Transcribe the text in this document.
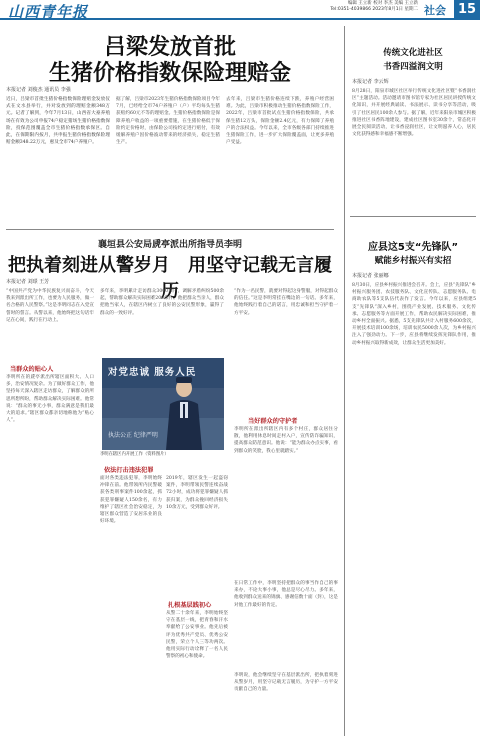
山西青年报	编辑 王立新 校对 李杰 美编 王立新
Tel:0351-4039866 2023年8月1日 星期二 社会 15
吕梁发放首批
生猪价格指数保险理赔金
本报记者 刘俊杰 通讯员 李强
近日，吕梁市首批生猪价格指数保险理赔金发放仪式在文水县举行，并对发放到的理赔金额348万元。记者了解到，今年7月13日，山西省大豪养殖场在有效为公司申报74户稳定猪场生猪价格指数保险，投保范围覆盖全市生猪价格指数承保区。自此，在保期限内按月，共申报生猪价格指数保险理赔金额348.22万元，惠及全市74户养殖户。
据了解，吕梁市2023年生猪价格指数保险项目今年7月，已经给全市74户养殖户（户）平均每头生猪获赔约60元不等的理赔金。生猪价格指数保险是保障养殖户收益的一项重要措施，在生猪价格低于保险约定价格时，由保险公司按约定进行赔付，有效缓解养殖户因价格波动带来的经济损失，稳定生猪生产。
去年来，吕梁市生猪价格连续下跌，养殖户经营困难。为此，吕梁市积极推动生猪价格指数保险工作，2022年，吕梁市首批试点生猪价格指数保险，共承保生猪12万头，保险金额2.4亿元，有力保障了养殖户的合法权益。今年以来，全市各级各部门持续推进生猪保险工作，进一步扩大保险覆盖面，让更多养殖户受益。
襄垣县公安局虒亭派出所指导员李明
把执着刻进从警岁月　用坚守记载无言履历
本报记者 刘璟 王芳
“中国共产党为中华民族复兴而奋斗，今天我来到派出所工作，也要为人民服务，做一名合格的人民警察。”这是李明同志在入党宣誓时的誓言。从警以来，他始终把这句话牢记在心间，践行在行动上。
当群众的贴心人
李明所在的虒亭派出所辖区面积大、人口多，治安情况复杂。为了做好群众工作，他坚持每天深入辖区走访群众，了解群众的所思所想所盼，帮助群众解决实际困难。他常说：“群众的事无小事，群众满意是我们最大的追求。”辖区群众都亲切地称他为“贴心人”。
多年来，李明累计走访群众3000余户，调解矛盾纠纷500余起，帮助群众解决实际困难200余件。他把群众当亲人，群众把他当家人，在辖区内树立了良好的公安民警形象，赢得了群众的一致好评。
对党忠诚 服务人民
执法公正 纪律严明
李明在辖区内开展工作（资料图片）
依法打击违法犯罪
面对各类违法犯罪，李明始终冲锋在前。他带领所内民警破获各类刑事案件100余起，抓获犯罪嫌疑人150余名，有力维护了辖区社会治安稳定，为辖区群众营造了安居乐业的良好环境。
2019年，辖区发生一起盗窃案件，李明带领民警连续奋战72小时，成功将犯罪嫌疑人抓获归案，为群众挽回经济损失10余万元，受到群众好评。
扎根基层践初心
从警二十余年来，李明始终坚守在基层一线，把青春和汗水奉献给了公安事业。他先后被评为优秀共产党员、优秀公安民警，荣立个人三等功两次。他用实际行动诠释了一名人民警察的初心和使命。
“作为一名民警，就要对得起这身警服，对得起群众的信任。”这是李明常挂在嘴边的一句话。多年来，他始终践行着自己的诺言，用忠诚和担当守护着一方平安。
当好群众的守护者
李明所在派出所辖区内有多个村庄，群众居住分散，他利用休息时间走村入户，宣传防诈骗知识，提高群众防范意识。他说：“能为群众办点实事，看到群众的笑脸，我心里就踏实。”
在日常工作中，李明坚持把群众的事当作自己的事来办，不论大事小事，他总是尽心尽力。多年来，他收到群众送来的锦旗、感谢信数十面（封），这是对他工作最好的肯定。
李明说，他会继续坚守在基层派出所，把执着刻进从警岁月，用坚守记载无言履历，为守护一方平安贡献自己的力量。
传统文化进社区
书香四溢润文明
本报记者 李云辉
8月28日，阳泉市城区社区举行传统文化进社区暨“书香润社区”主题活动。活动邀请市图书馆专家为社区居民讲授传统文化知识，并开展经典诵读、书法展示、读书分享等活动，吸引了社区居民100余人参与。据了解，近年来阳泉市城区积极推进社区书香阵地建设，建成社区图书室30余个，常态化开展全民阅读活动，让书香浸润社区，让文明滋养人心，居民文化获得感和幸福感不断增强。
应县这5支“先锋队”
赋能乡村振兴有实招
本报记者 张丽娜
8月30日，应县乡村振兴推进会召开。会上，应县“先锋队”乡村振兴服务团、农技服务队、文化宣传队、志愿服务队、电商助农队等5支队伍代表作了发言。今年以来，应县组建5支“先锋队”深入乡村，围绕产业发展、技术服务、文化传承、志愿服务等方面开展工作，帮助农民解决实际困难，推动乡村全面振兴。据悉，5支先锋队共计入村服务600余次，开展技术培训100余场，培训农民5000余人次，为乡村振兴注入了强劲动力。下一步，应县将继续发挥先锋队作用，推动乡村振兴取得新成效，让群众生活更加美好。
